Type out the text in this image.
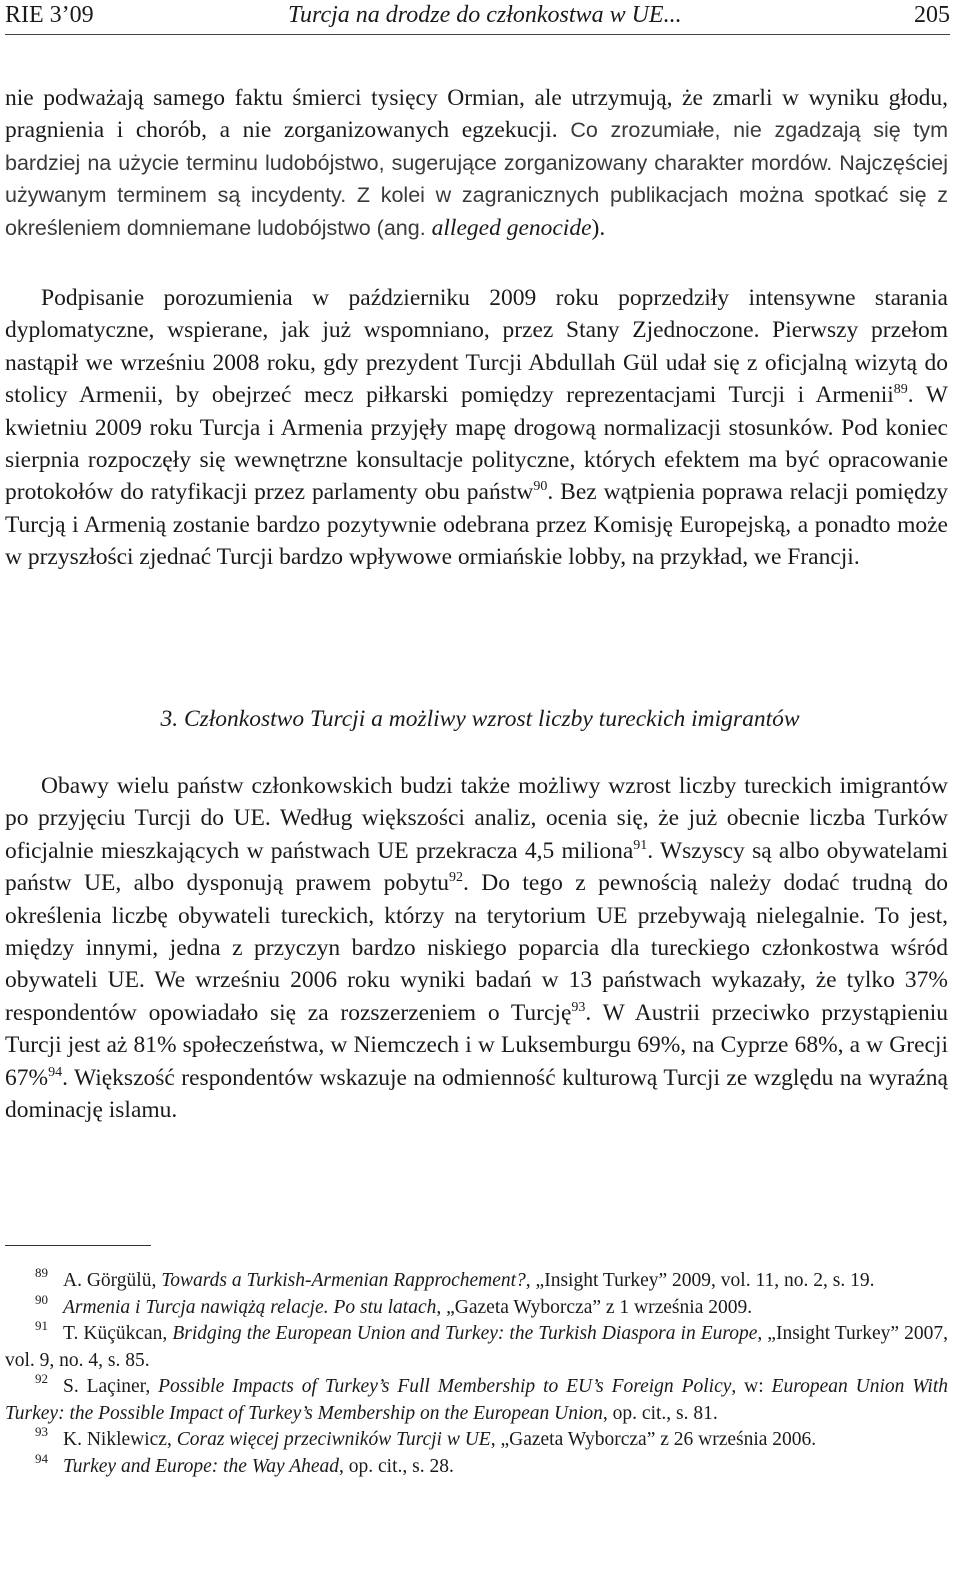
RIE 3’09	Turcja na drodze do członkostwa w UE...	205

nie podważają samego faktu śmierci tysięcy Ormian, ale utrzymują, że zmarli w wyniku głodu, pragnienia i chorób, a nie zorganizowanych egzekucji. Co zrozumiałe, nie zgadzają się tym bardziej na użycie terminu ludobójstwo, sugerujące zorganizowany charakter mordów. Najczęściej używanym terminem są incydenty. Z kolei w zagranicznych publikacjach można spotkać się z określeniem domniemane ludobójstwo (ang. alleged genocide).

Podpisanie porozumienia w październiku 2009 roku poprzedziły intensywne starania dyplomatyczne, wspierane, jak już wspomniano, przez Stany Zjednoczone. Pierwszy przełom nastąpił we wrześniu 2008 roku, gdy prezydent Turcji Abdullah Gül udał się z oficjalną wizytą do stolicy Armenii, by obejrzeć mecz piłkarski pomiędzy reprezentacjami Turcji i Armenii$^{89}$. W kwietniu 2009 roku Turcja i Armenia przyjęły mapę drogową normalizacji stosunków. Pod koniec sierpnia rozpoczęły się wewnętrzne konsultacje polityczne, których efektem ma być opracowanie protokołów do ratyfikacji przez parlamenty obu państw$^{90}$. Bez wątpienia poprawa relacji pomiędzy Turcją i Armenią zostanie bardzo pozytywnie odebrana przez Komisję Europejską, a ponadto może w przyszłości zjednać Turcji bardzo wpływowe ormiańskie lobby, na przykład, we Francji.

3. Członkostwo Turcji a możliwy wzrost liczby tureckich imigrantów

Obawy wielu państw członkowskich budzi także możliwy wzrost liczby tureckich imigrantów po przyjęciu Turcji do UE. Według większości analiz, ocenia się, że już obecnie liczba Turków oficjalnie mieszkających w państwach UE przekracza 4,5 miliona$^{91}$. Wszyscy są albo obywatelami państw UE, albo dysponują prawem pobytu$^{92}$. Do tego z pewnością należy dodać trudną do określenia liczbę obywateli tureckich, którzy na terytorium UE przebywają nielegalnie. To jest, między innymi, jedna z przyczyn bardzo niskiego poparcia dla tureckiego członkostwa wśród obywateli UE. We wrześniu 2006 roku wyniki badań w 13 państwach wykazały, że tylko 37% respondentów opowiadało się za rozszerzeniem o Turcję$^{93}$. W Austrii przeciwko przystąpieniu Turcji jest aż 81% społeczeństwa, w Niemczech i w Luksemburgu 69%, na Cyprze 68%, a w Grecji 67%$^{94}$. Większość respondentów wskazuje na odmienność kulturową Turcji ze względu na wyraźną dominację islamu.

$^{89}$ A. Görgülü, Towards a Turkish-Armenian Rapprochement?, „Insight Turkey” 2009, vol. 11, no. 2, s. 19.

$^{90}$ Armenia i Turcja nawiążą relacje. Po stu latach, „Gazeta Wyborcza” z 1 września 2009.

$^{91}$ T. Küçükcan, Bridging the European Union and Turkey: the Turkish Diaspora in Europe, „Insight Turkey” 2007, vol. 9, no. 4, s. 85.

$^{92}$ S. Laçiner, Possible Impacts of Turkey’s Full Membership to EU’s Foreign Policy, w: European Union With Turkey: the Possible Impact of Turkey’s Membership on the European Union, op. cit., s. 81.

$^{93}$ K. Niklewicz, Coraz więcej przeciwników Turcji w UE, „Gazeta Wyborcza” z 26 września 2006.

$^{94}$ Turkey and Europe: the Way Ahead, op. cit., s. 28.
